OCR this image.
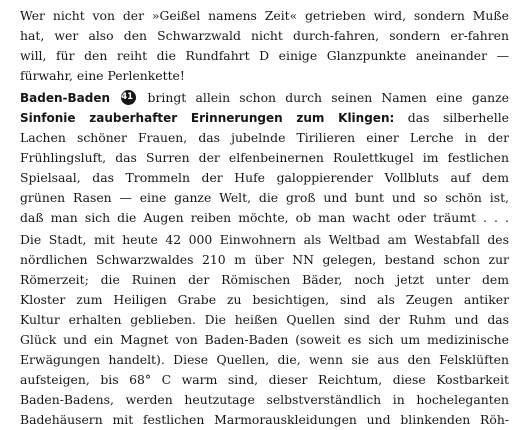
Wer nicht von der »Geißel namens Zeit« getrieben wird, sondern Muße
hat, wer also den Schwarzwald nicht durch-fahren, sondern er-fahren
will, für den reiht die Rundfahrt D einige Glanzpunkte aneinander —
fürwahr, eine Perlenkette!
Baden-Baden 41 bringt allein schon durch seinen Namen eine ganze
Sinfonie zauberhafter Erinnerungen zum Klingen: das silberhelle
Lachen schöner Frauen, das jubelnde Tirilieren einer Lerche in der
Frühlingsluft, das Surren der elfenbeinernen Roulettkugel im festlichen
Spielsaal, das Trommeln der Hufe galoppierender Vollbluts auf dem
grünen Rasen — eine ganze Welt, die groß und bunt und so schön ist,
daß man sich die Augen reiben möchte, ob man wacht oder träumt . . .
Die Stadt, mit heute 42 000 Einwohnern als Weltbad am Westabfall des
nördlichen Schwarzwaldes 210 m über NN gelegen, bestand schon zur
Römerzeit; die Ruinen der Römischen Bäder, noch jetzt unter dem
Kloster zum Heiligen Grabe zu besichtigen, sind als Zeugen antiker
Kultur erhalten geblieben. Die heißen Quellen sind der Ruhm und das
Glück und ein Magnet von Baden-Baden (soweit es sich um medizinische
Erwägungen handelt). Diese Quellen, die, wenn sie aus den Felsklüften
aufsteigen, bis 68° C warm sind, dieser Reichtum, diese Kostbarkeit
Baden-Badens, werden heutzutage selbstverständlich in hocheleganten
Badehäusern mit festlichen Marmorauskleidungen und blinkenden Röh-
